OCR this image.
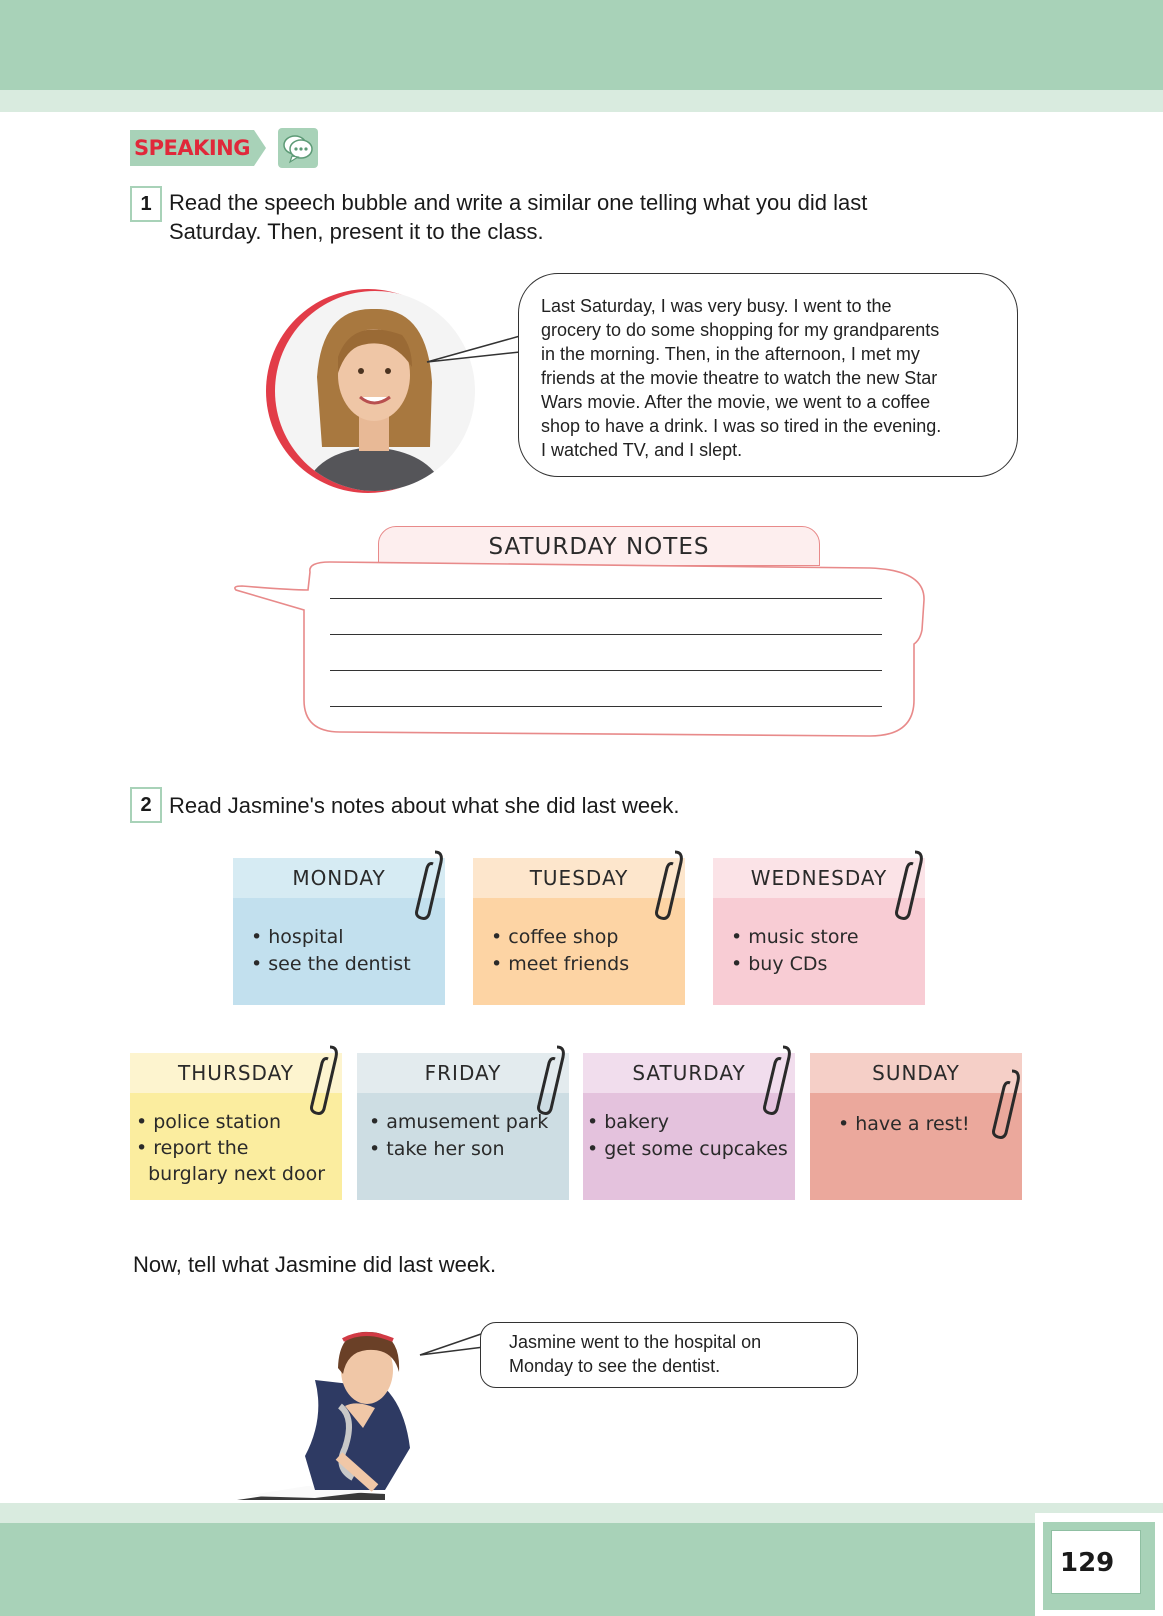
129
SPEAKING
1 Read the speech bubble and write a similar one telling what you did last
Saturday. Then, present it to the class.
Last Saturday, I was very busy. I went to the
grocery to do some shopping for my grandparents
in the morning. Then, in the afternoon, I met my
friends at the movie theatre to watch the new Star
Wars movie. After the movie, we went to a coffee
shop to have a drink. I was so tired in the evening.
I watched TV, and I slept.
SATURDAY NOTES
2 Read Jasmine's notes about what she did last week.
MONDAY
• hospital
• see the dentist
TUESDAY
• coffee shop
• meet friends
WEDNESDAY
• music store
• buy CDs
THURSDAY
• police station
• report the
burglary next door
FRIDAY
• amusement park
• take her son
SATURDAY
• bakery
• get some cupcakes
SUNDAY
• have a rest!
Now, tell what Jasmine did last week.
Jasmine went to the hospital on
Monday to see the dentist.
